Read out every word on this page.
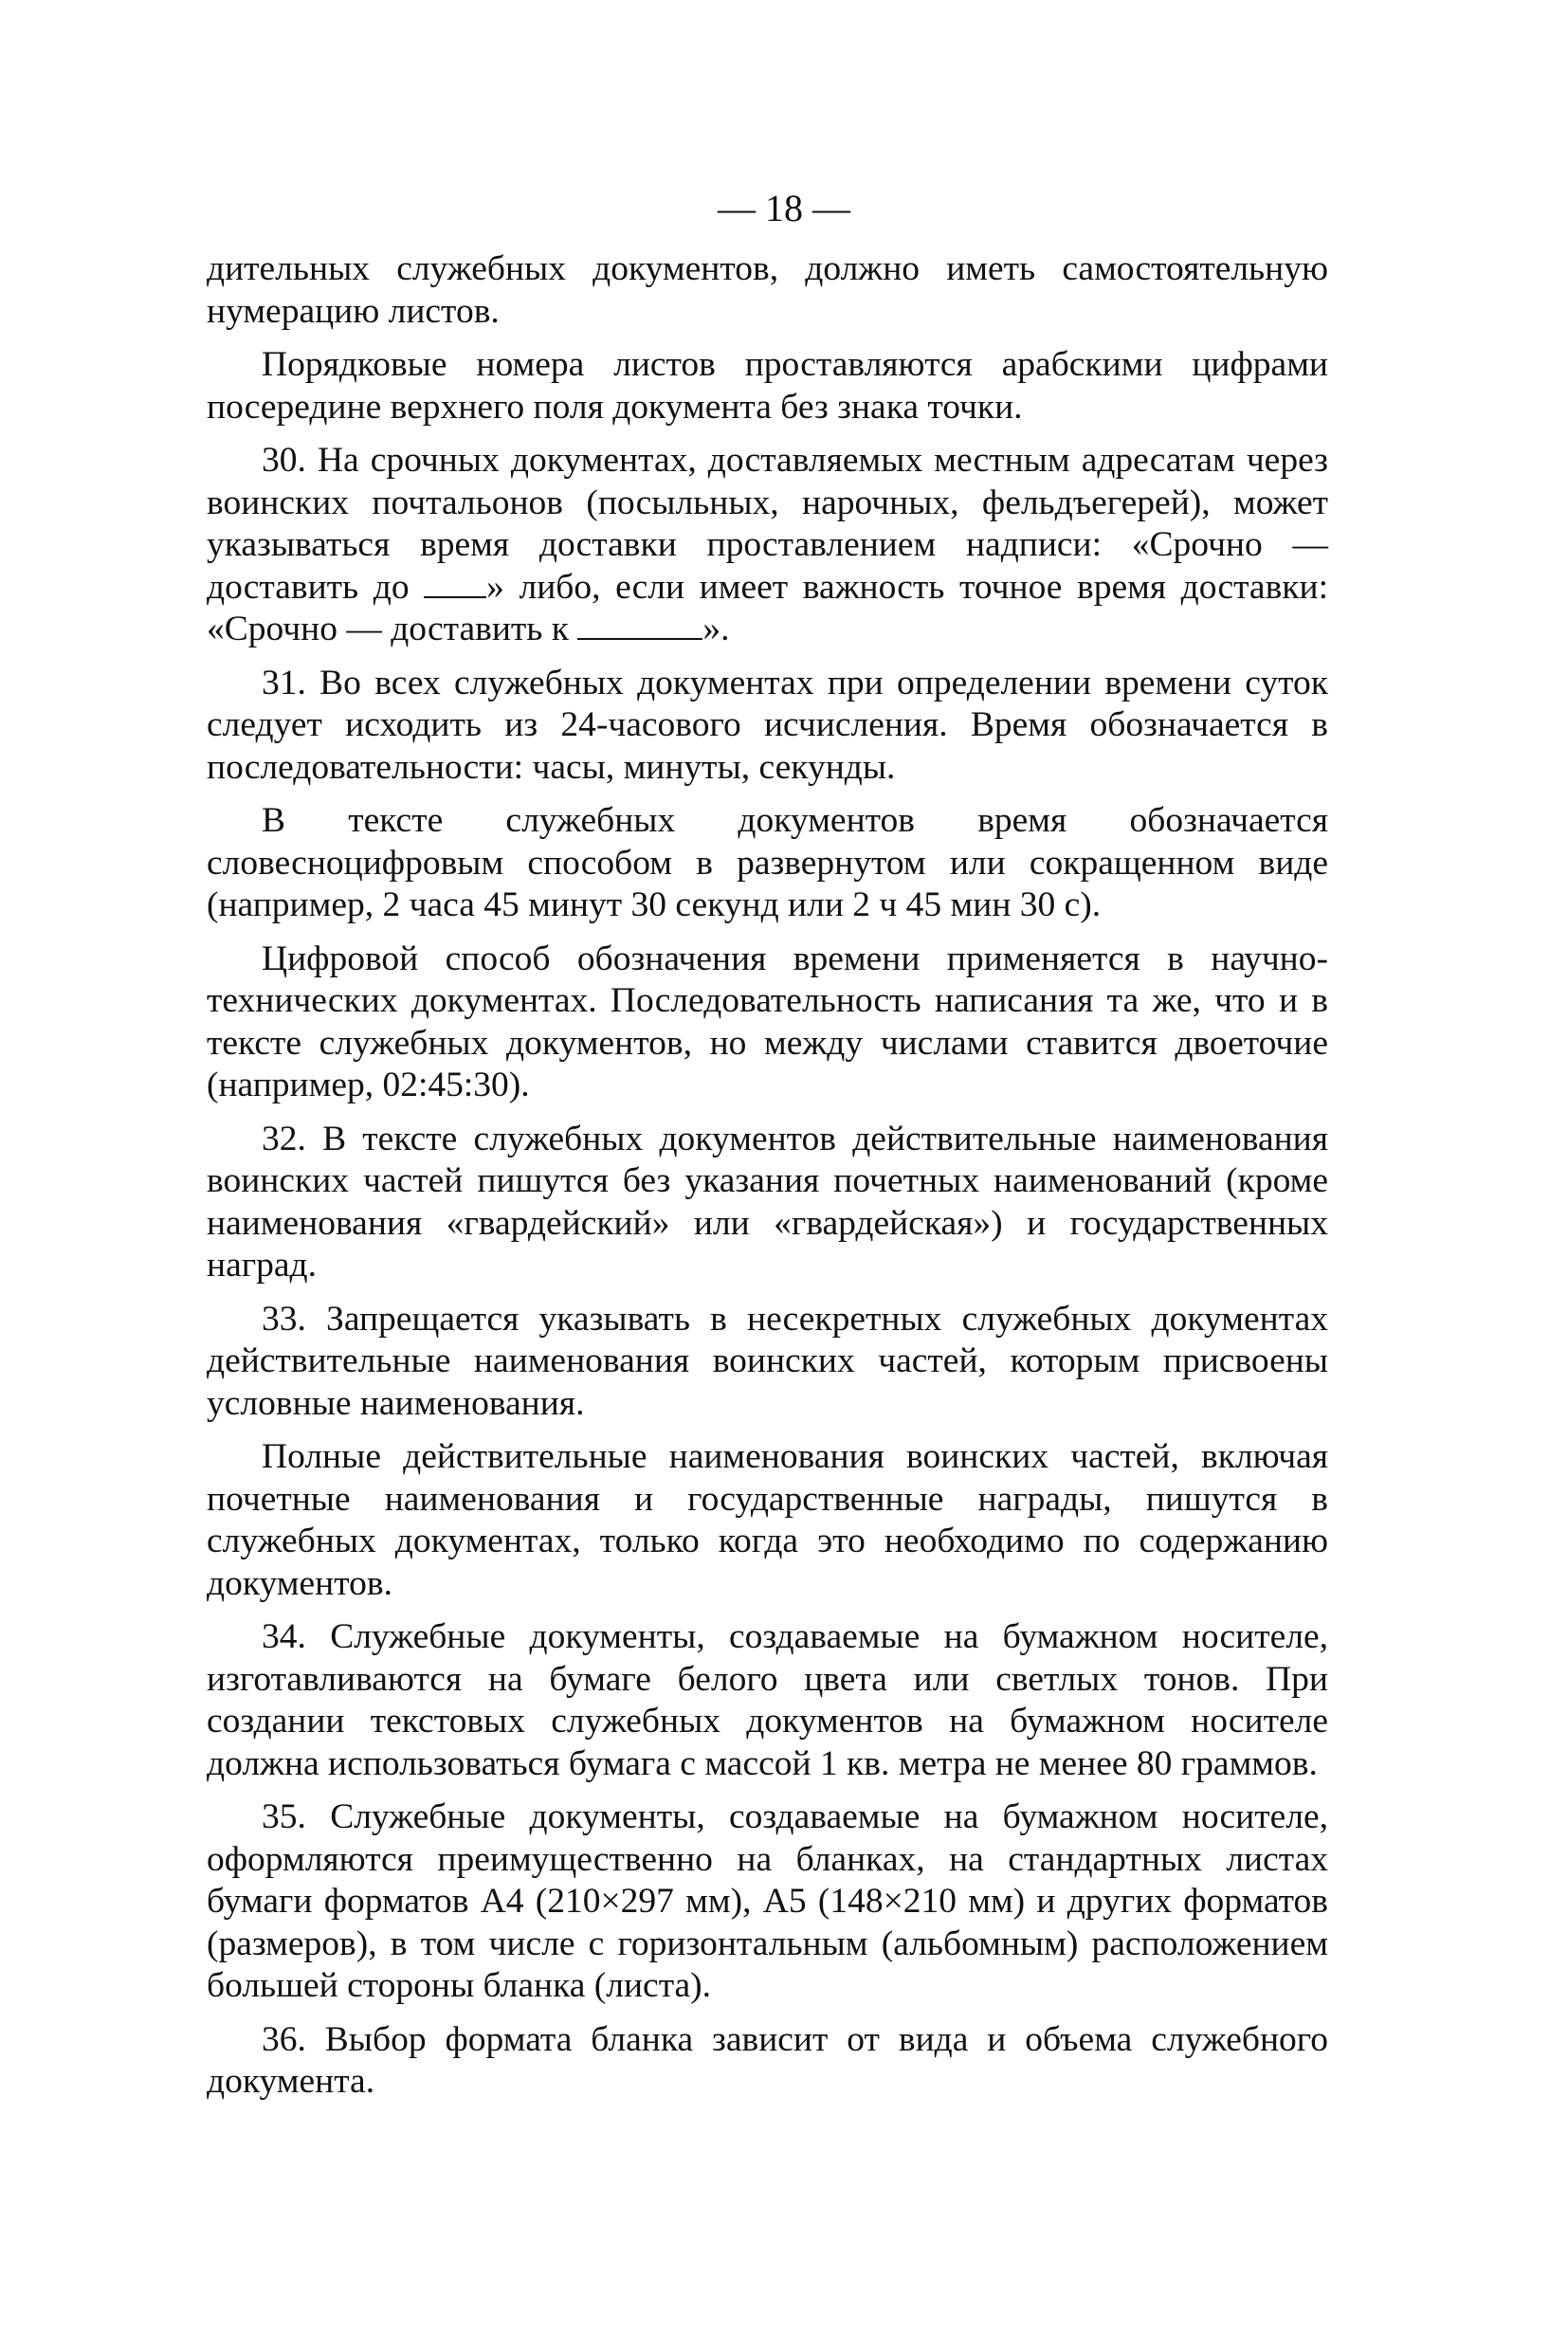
— 18 —

дительных служебных документов, должно иметь самостоятельную нумерацию листов.

Порядковые номера листов проставляются арабскими цифрами посередине верхнего поля документа без знака точки.

30. На срочных документах, доставляемых местным адресатам через воинских почтальонов (посыльных, нарочных, фельдъегерей), может указываться время доставки проставлением надписи: «Срочно — доставить до » либо, если имеет важность точное время доставки: «Срочно — доставить к	».

31. Во всех служебных документах при определении времени суток следует исходить из 24-часового исчисления. Время обозначается в последовательности: часы, минуты, секунды.

В тексте служебных документов время обозначается словесноцифровым способом в развернутом или сокращенном виде (например, 2 часа 45 минут 30 секунд или 2 ч 45 мин 30 с).

Цифровой способ обозначения времени применяется в научно-технических документах. Последовательность написания та же, что и в тексте служебных документов, но между числами ставится двоеточие (например, 02:45:30).

32. В тексте служебных документов действительные наименования воинских частей пишутся без указания почетных наименований (кроме наименования «гвардейский» или «гвардейская») и государственных наград.

33. Запрещается указывать в несекретных служебных документах действительные наименования воинских частей, которым присвоены условные наименования.

Полные действительные наименования воинских частей, включая почетные наименования и государственные награды, пишутся в служебных документах, только когда это необходимо по содержанию документов.

34. Служебные документы, создаваемые на бумажном носителе, изготавливаются на бумаге белого цвета или светлых тонов. При создании текстовых служебных документов на бумажном носителе должна использоваться бумага с массой 1 кв. метра не менее 80 граммов.

35. Служебные документы, создаваемые на бумажном носителе, оформляются преимущественно на бланках, на стандартных листах бумаги форматов А4 (210×297 мм), А5 (148×210 мм) и других форматов (размеров), в том числе с горизонтальным (альбомным) расположением большей стороны бланка (листа).

36. Выбор формата бланка зависит от вида и объема служебного документа.
